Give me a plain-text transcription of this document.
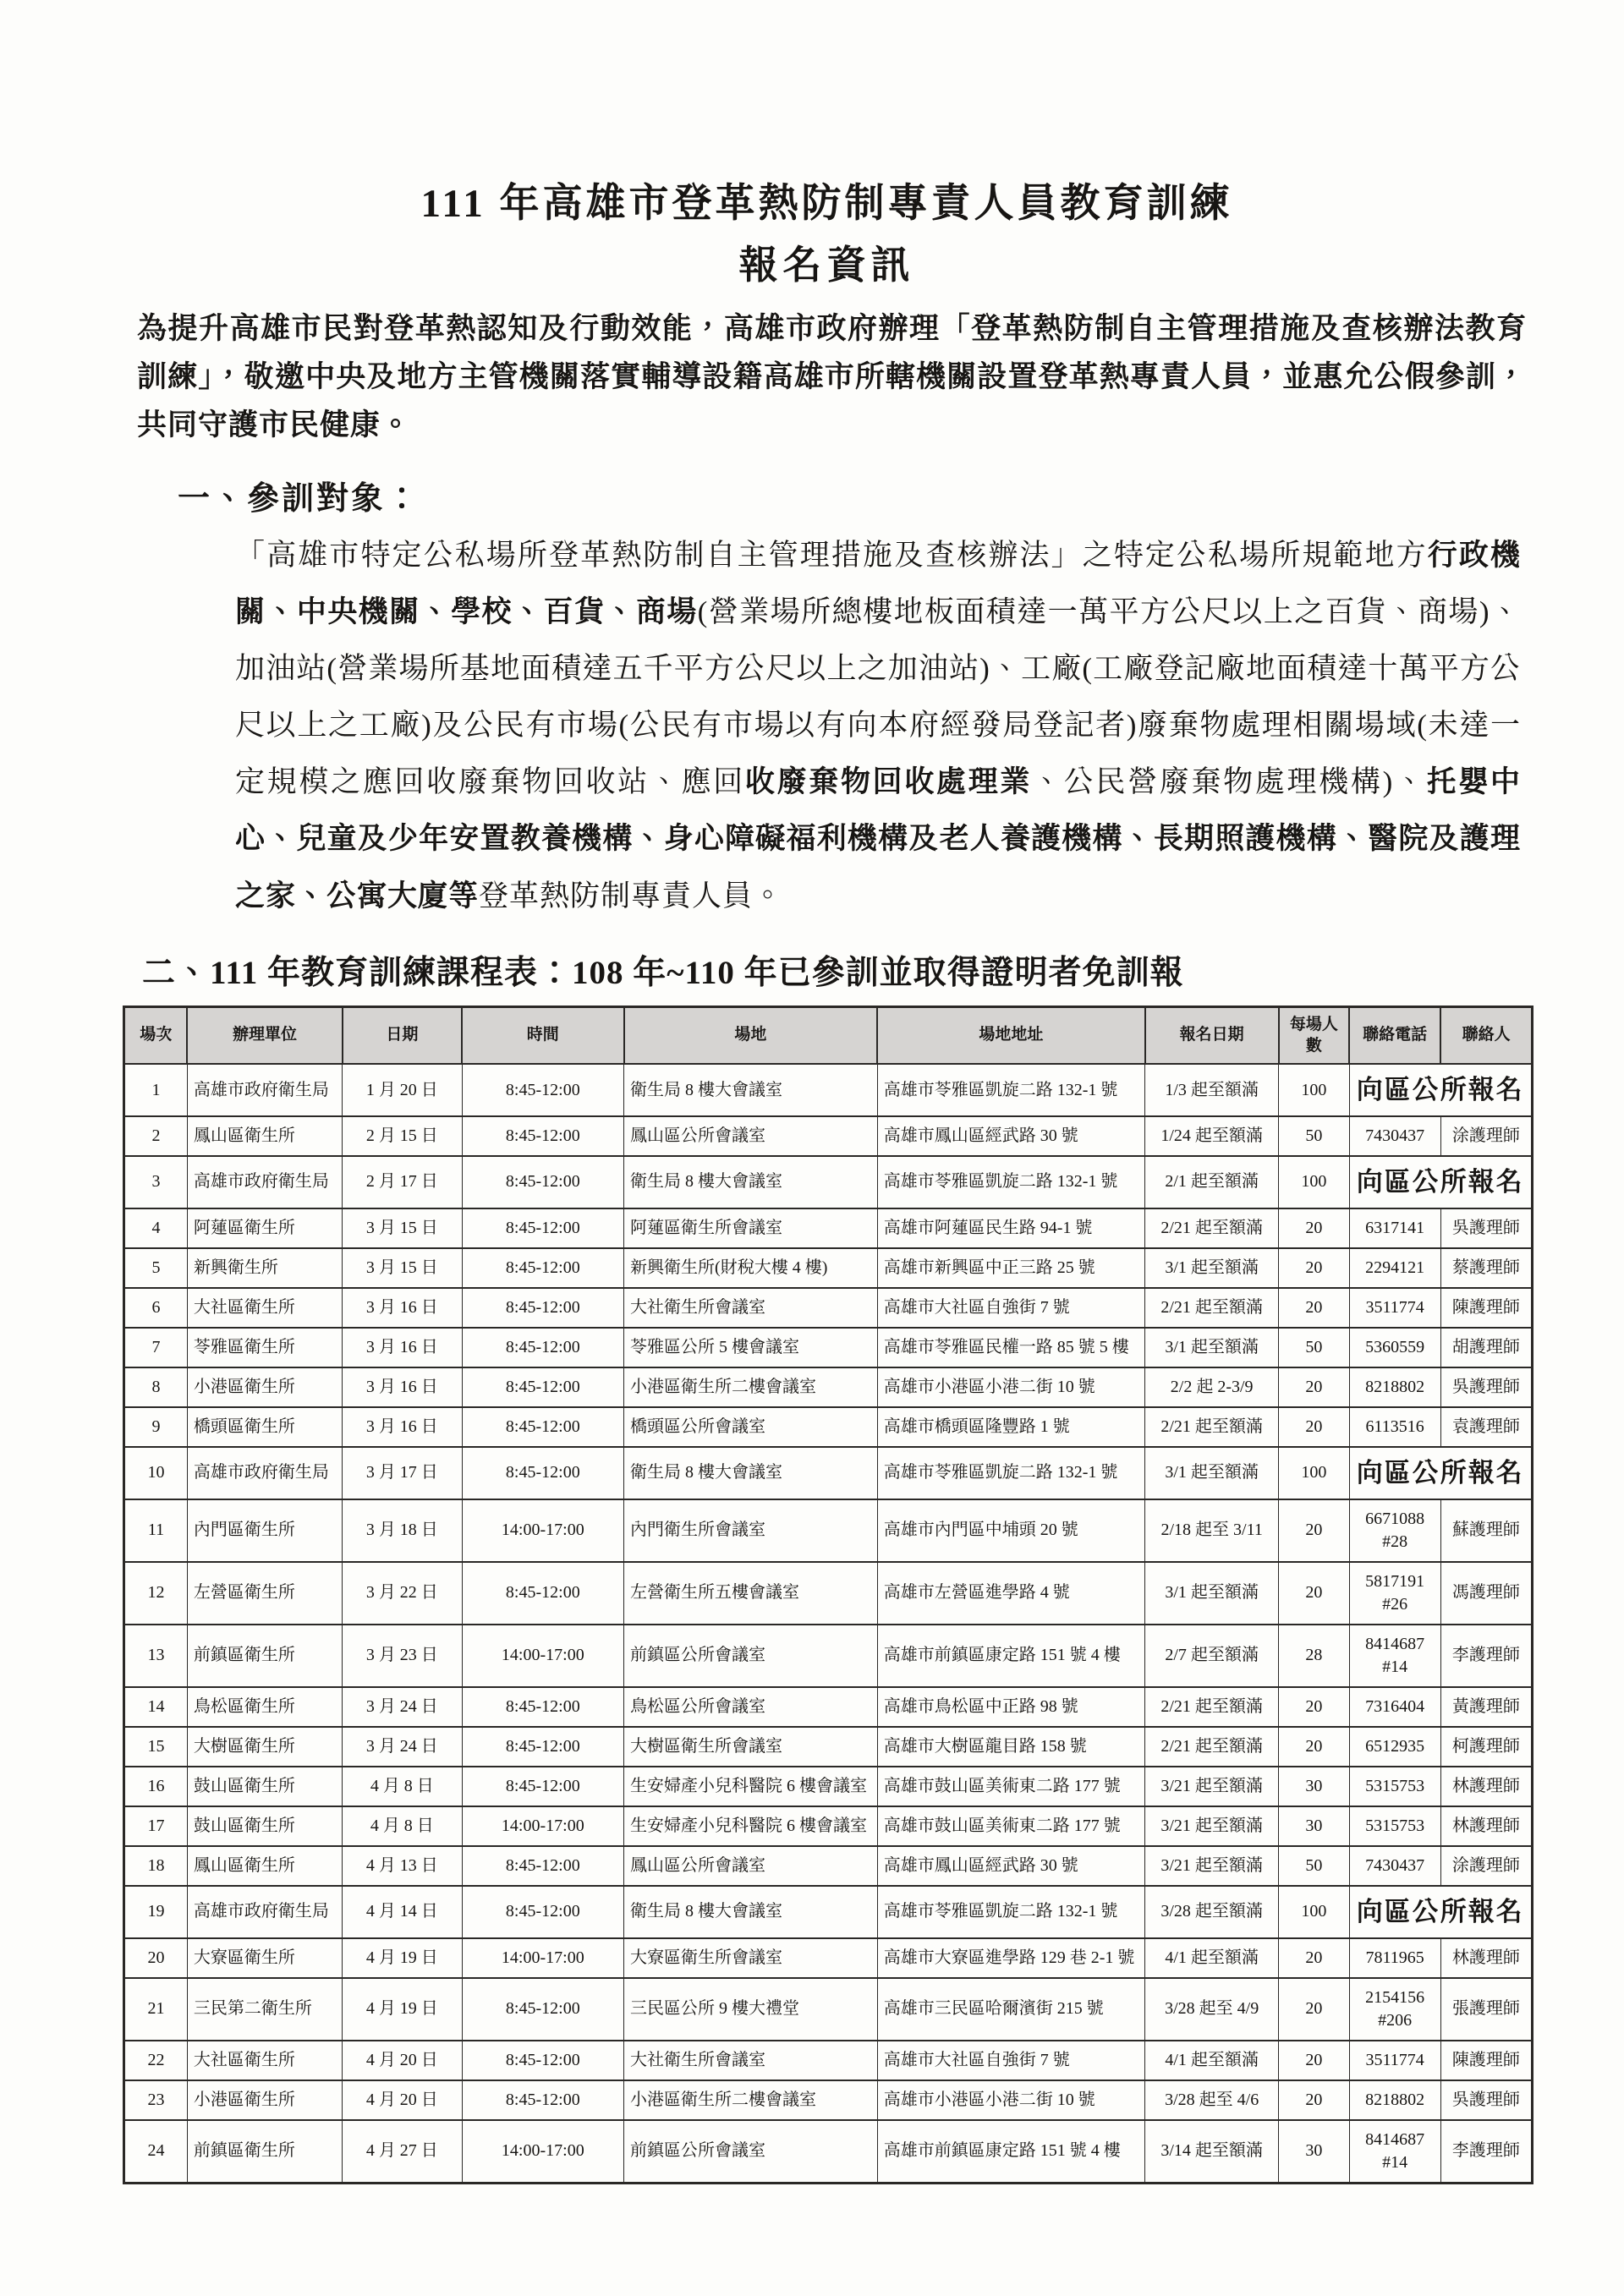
111 年高雄市登革熱防制專責人員教育訓練
報名資訊

為提升高雄市民對登革熱認知及行動效能，高雄市政府辦理「登革熱防制自主管理措施及查核辦法教育訓練」，敬邀中央及地方主管機關落實輔導設籍高雄市所轄機關設置登革熱專責人員，並惠允公假參訓，共同守護市民健康。

一、參訓對象：

「高雄市特定公私場所登革熱防制自主管理措施及查核辦法」之特定公私場所規範地方行政機關、中央機關、學校、百貨、商場(營業場所總樓地板面積達一萬平方公尺以上之百貨、商場)、加油站(營業場所基地面積達五千平方公尺以上之加油站)、工廠(工廠登記廠地面積達十萬平方公尺以上之工廠)及公民有市場(公民有市場以有向本府經發局登記者)廢棄物處理相關場域(未達一定規模之應回收廢棄物回收站、應回收廢棄物回收處理業、公民營廢棄物處理機構)、托嬰中心、兒童及少年安置教養機構、身心障礙福利機構及老人養護機構、長期照護機構、醫院及護理之家、公寓大廈等登革熱防制專責人員。

二、111 年教育訓練課程表：108 年~110 年已參訓並取得證明者免訓報
場次	辦理單位	日期	時間	場地	場地地址	報名日期	每場人數	聯絡電話	聯絡人
1	高雄市政府衛生局	1 月 20 日	8:45-12:00	衛生局 8 樓大會議室	高雄市苓雅區凱旋二路 132-1 號	1/3 起至額滿	100	向區公所報名	
2	鳳山區衛生所	2 月 15 日	8:45-12:00	鳳山區公所會議室	高雄市鳳山區經武路 30 號	1/24 起至額滿	50	7430437	涂護理師
3	高雄市政府衛生局	2 月 17 日	8:45-12:00	衛生局 8 樓大會議室	高雄市苓雅區凱旋二路 132-1 號	2/1 起至額滿	100	向區公所報名	
4	阿蓮區衛生所	3 月 15 日	8:45-12:00	阿蓮區衛生所會議室	高雄市阿蓮區民生路 94-1 號	2/21 起至額滿	20	6317141	吳護理師
5	新興衛生所	3 月 15 日	8:45-12:00	新興衛生所(財稅大樓 4 樓)	高雄市新興區中正三路 25 號	3/1 起至額滿	20	2294121	蔡護理師
6	大社區衛生所	3 月 16 日	8:45-12:00	大社衛生所會議室	高雄市大社區自強街 7 號	2/21 起至額滿	20	3511774	陳護理師
7	苓雅區衛生所	3 月 16 日	8:45-12:00	苓雅區公所 5 樓會議室	高雄市苓雅區民權一路 85 號 5 樓	3/1 起至額滿	50	5360559	胡護理師
8	小港區衛生所	3 月 16 日	8:45-12:00	小港區衛生所二樓會議室	高雄市小港區小港二街 10 號	2/2 起 2-3/9	20	8218802	吳護理師
9	橋頭區衛生所	3 月 16 日	8:45-12:00	橋頭區公所會議室	高雄市橋頭區隆豐路 1 號	2/21 起至額滿	20	6113516	袁護理師
10	高雄市政府衛生局	3 月 17 日	8:45-12:00	衛生局 8 樓大會議室	高雄市苓雅區凱旋二路 132-1 號	3/1 起至額滿	100	向區公所報名	
11	內門區衛生所	3 月 18 日	14:00-17:00	內門衛生所會議室	高雄市內門區中埔頭 20 號	2/18 起至 3/11	20	6671088 #28	蘇護理師
12	左營區衛生所	3 月 22 日	8:45-12:00	左營衛生所五樓會議室	高雄市左營區進學路 4 號	3/1 起至額滿	20	5817191 #26	馮護理師
13	前鎮區衛生所	3 月 23 日	14:00-17:00	前鎮區公所會議室	高雄市前鎮區康定路 151 號 4 樓	2/7 起至額滿	28	8414687 #14	李護理師
14	鳥松區衛生所	3 月 24 日	8:45-12:00	鳥松區公所會議室	高雄市鳥松區中正路 98 號	2/21 起至額滿	20	7316404	黃護理師
15	大樹區衛生所	3 月 24 日	8:45-12:00	大樹區衛生所會議室	高雄市大樹區龍目路 158 號	2/21 起至額滿	20	6512935	柯護理師
16	鼓山區衛生所	4 月 8 日	8:45-12:00	生安婦產小兒科醫院 6 樓會議室	高雄市鼓山區美術東二路 177 號	3/21 起至額滿	30	5315753	林護理師
17	鼓山區衛生所	4 月 8 日	14:00-17:00	生安婦產小兒科醫院 6 樓會議室	高雄市鼓山區美術東二路 177 號	3/21 起至額滿	30	5315753	林護理師
18	鳳山區衛生所	4 月 13 日	8:45-12:00	鳳山區公所會議室	高雄市鳳山區經武路 30 號	3/21 起至額滿	50	7430437	涂護理師
19	高雄市政府衛生局	4 月 14 日	8:45-12:00	衛生局 8 樓大會議室	高雄市苓雅區凱旋二路 132-1 號	3/28 起至額滿	100	向區公所報名	
20	大寮區衛生所	4 月 19 日	14:00-17:00	大寮區衛生所會議室	高雄市大寮區進學路 129 巷 2-1 號	4/1 起至額滿	20	7811965	林護理師
21	三民第二衛生所	4 月 19 日	8:45-12:00	三民區公所 9 樓大禮堂	高雄市三民區哈爾濱街 215 號	3/28 起至 4/9	20	2154156 #206	張護理師
22	大社區衛生所	4 月 20 日	8:45-12:00	大社衛生所會議室	高雄市大社區自強街 7 號	4/1 起至額滿	20	3511774	陳護理師
23	小港區衛生所	4 月 20 日	8:45-12:00	小港區衛生所二樓會議室	高雄市小港區小港二街 10 號	3/28 起至 4/6	20	8218802	吳護理師
24	前鎮區衛生所	4 月 27 日	14:00-17:00	前鎮區公所會議室	高雄市前鎮區康定路 151 號 4 樓	3/14 起至額滿	30	8414687 #14	李護理師
